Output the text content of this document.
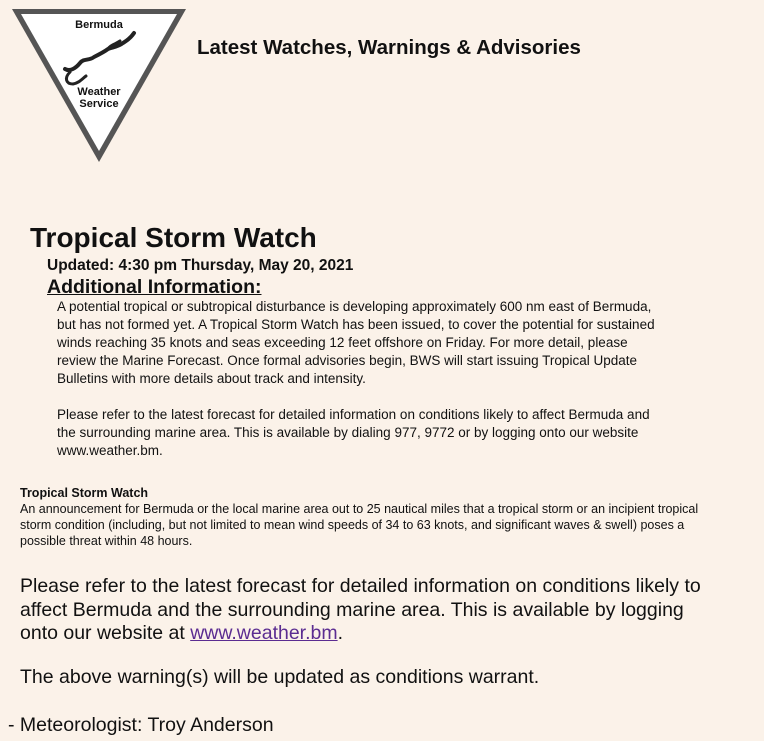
Bermuda
Weather
Service
Latest Watches, Warnings & Advisories
Tropical Storm Watch
Updated: 4:30 pm Thursday, May 20, 2021
Additional Information:
A potential tropical or subtropical disturbance is developing approximately 600 nm east of Bermuda, but has not formed yet. A Tropical Storm Watch has been issued, to cover the potential for sustained winds reaching 35 knots and seas exceeding 12 feet offshore on Friday. For more detail, please review the Marine Forecast. Once formal advisories begin, BWS will start issuing Tropical Update Bulletins with more details about track and intensity.
Please refer to the latest forecast for detailed information on conditions likely to affect Bermuda and the surrounding marine area. This is available by dialing 977, 9772 or by logging onto our website www.weather.bm.
Tropical Storm Watch
An announcement for Bermuda or the local marine area out to 25 nautical miles that a tropical storm or an incipient tropical storm condition (including, but not limited to mean wind speeds of 34 to 63 knots, and significant waves & swell) poses a possible threat within 48 hours.
Please refer to the latest forecast for detailed information on conditions likely to affect Bermuda and the surrounding marine area. This is available by logging onto our website at www.weather.bm.
The above warning(s) will be updated as conditions warrant.
- Meteorologist: Troy Anderson
